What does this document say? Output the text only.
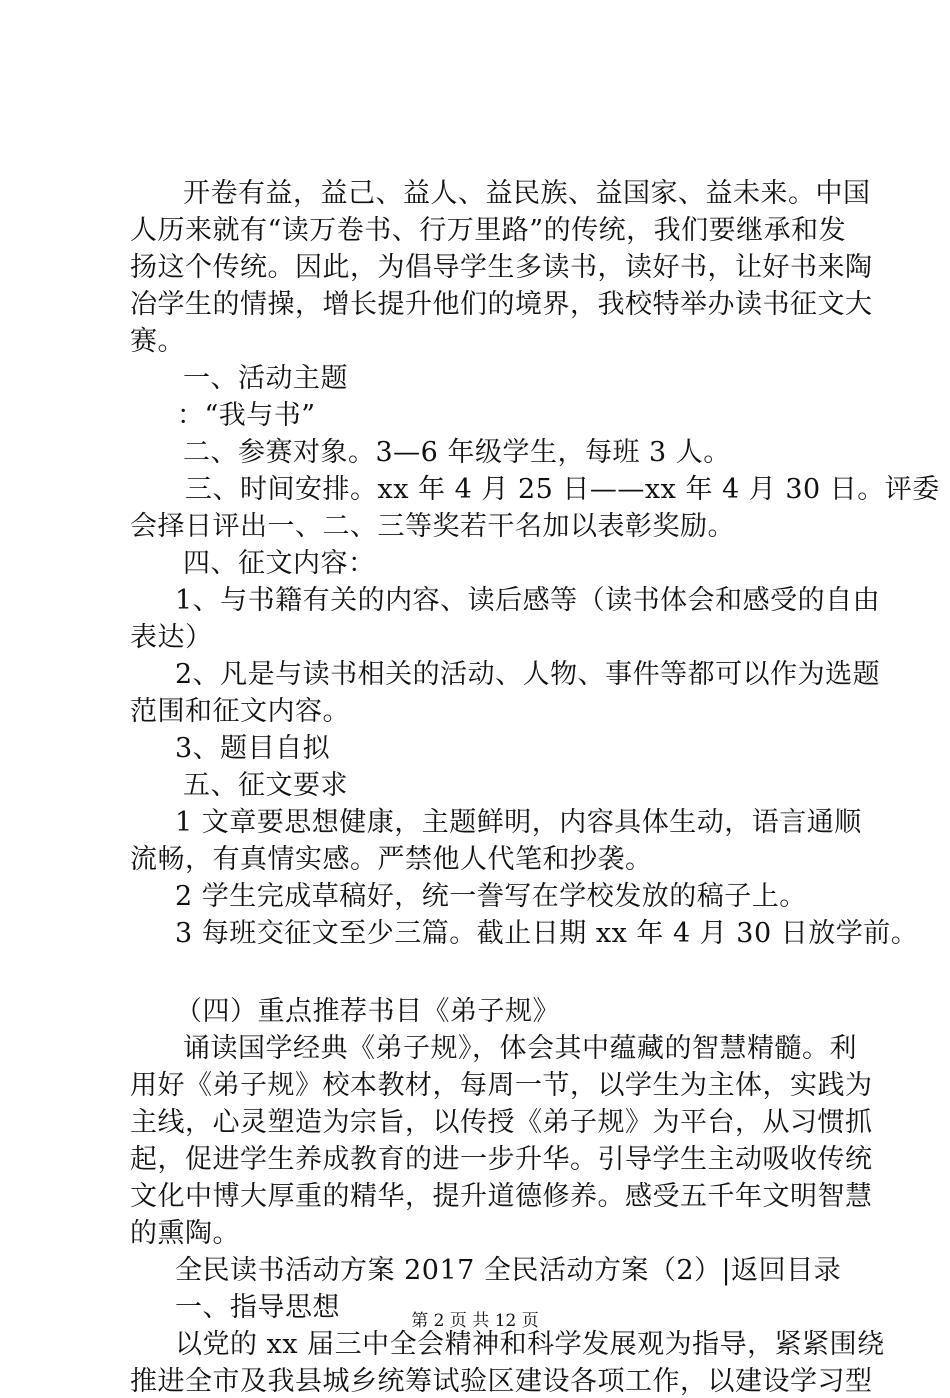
开卷有益，益己、益人、益民族、益国家、益未来。中国
人历来就有“读万卷书、行万里路”的传统，我们要继承和发
扬这个传统。因此，为倡导学生多读书，读好书，让好书来陶
冶学生的情操，增长提升他们的境界，我校特举办读书征文大
赛。
一、活动主题
：“我与书”
二、参赛对象。3—6 年级学生，每班 3 人。
三、时间安排。xx 年 4 月 25 日——xx 年 4 月 30 日。评委
会择日评出一、二、三等奖若干名加以表彰奖励。
四、征文内容：
1、与书籍有关的内容、读后感等（读书体会和感受的自由
表达）
2、凡是与读书相关的活动、人物、事件等都可以作为选题
范围和征文内容。
3、题目自拟
五、征文要求
1 文章要思想健康，主题鲜明，内容具体生动，语言通顺
流畅，有真情实感。严禁他人代笔和抄袭。
2 学生完成草稿好，统一誊写在学校发放的稿子上。
3 每班交征文至少三篇。截止日期 xx 年 4 月 30 日放学前。
（四）重点推荐书目《弟子规》
诵读国学经典《弟子规》，体会其中蕴藏的智慧精髓。利
用好《弟子规》校本教材，每周一节，以学生为主体，实践为
主线，心灵塑造为宗旨，以传授《弟子规》为平台，从习惯抓
起，促进学生养成教育的进一步升华。引导学生主动吸收传统
文化中博大厚重的精华，提升道德修养。感受五千年文明智慧
的熏陶。
全民读书活动方案 2017 全民活动方案（2）|返回目录
一、指导思想	第 2 页 共 12 页
以党的 xx 届三中全会精神和科学发展观为指导，紧紧围绕
推进全市及我县城乡统筹试验区建设各项工作，以建设学习型
